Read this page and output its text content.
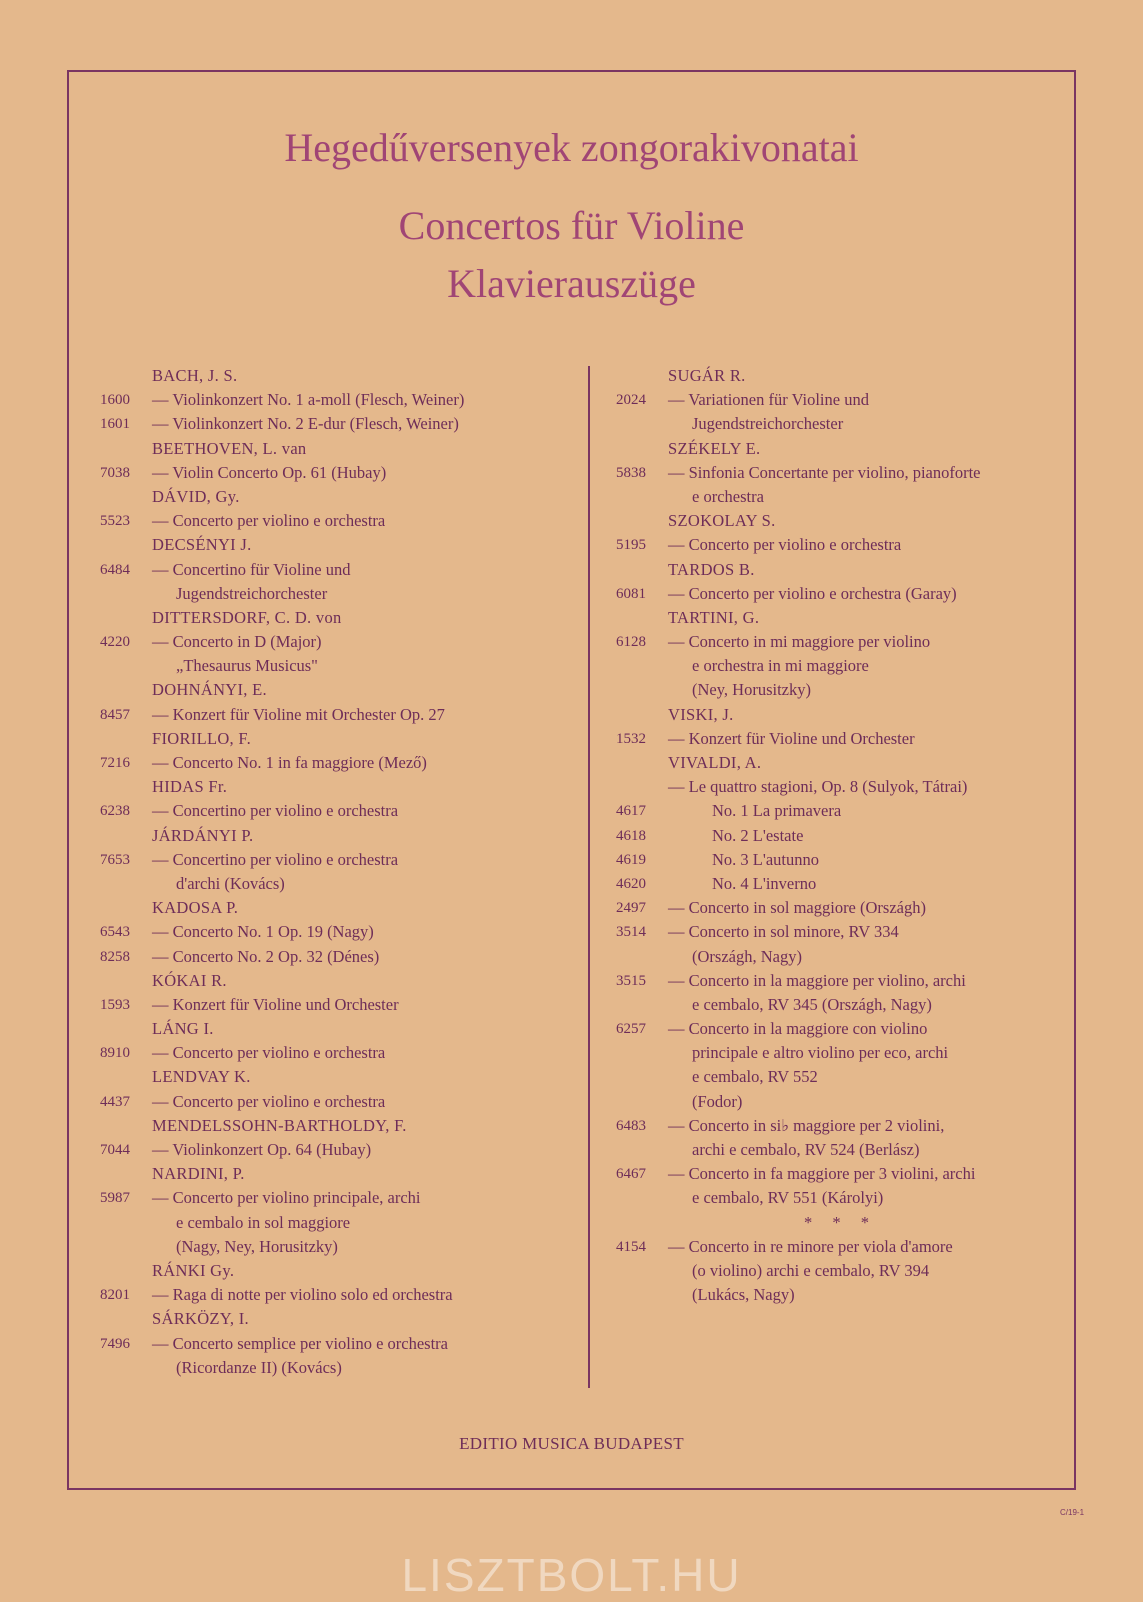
Hegedűversenyek zongorakivonatai
Concertos für Violine
Klavierauszüge
BACH, J. S.
1600 — Violinkonzert No. 1 a-moll (Flesch, Weiner)
1601 — Violinkonzert No. 2 E-dur (Flesch, Weiner)
BEETHOVEN, L. van
7038 — Violin Concerto Op. 61 (Hubay)
DÁVID, Gy.
5523 — Concerto per violino e orchestra
DECSÉNYI J.
6484 — Concertino für Violine und
Jugendstreichorchester
DITTERSDORF, C. D. von
4220 — Concerto in D (Major)
„Thesaurus Musicus"
DOHNÁNYI, E.
8457 — Konzert für Violine mit Orchester Op. 27
FIORILLO, F.
7216 — Concerto No. 1 in fa maggiore (Mező)
HIDAS Fr.
6238 — Concertino per violino e orchestra
JÁRDÁNYI P.
7653 — Concertino per violino e orchestra
d'archi (Kovács)
KADOSA P.
6543 — Concerto No. 1 Op. 19 (Nagy)
8258 — Concerto No. 2 Op. 32 (Dénes)
KÓKAI R.
1593 — Konzert für Violine und Orchester
LÁNG I.
8910 — Concerto per violino e orchestra
LENDVAY K.
4437 — Concerto per violino e orchestra
MENDELSSOHN-BARTHOLDY, F.
7044 — Violinkonzert Op. 64 (Hubay)
NARDINI, P.
5987 — Concerto per violino principale, archi
e cembalo in sol maggiore
(Nagy, Ney, Horusitzky)
RÁNKI Gy.
8201 — Raga di notte per violino solo ed orchestra
SÁRKÖZY, I.
7496 — Concerto semplice per violino e orchestra
(Ricordanze II) (Kovács)
SUGÁR R.
2024 — Variationen für Violine und
Jugendstreichorchester
SZÉKELY E.
5838 — Sinfonia Concertante per violino, pianoforte
e orchestra
SZOKOLAY S.
5195 — Concerto per violino e orchestra
TARDOS B.
6081 — Concerto per violino e orchestra (Garay)
TARTINI, G.
6128 — Concerto in mi maggiore per violino
e orchestra in mi maggiore
(Ney, Horusitzky)
VISKI, J.
1532 — Konzert für Violine und Orchester
VIVALDI, A.
— Le quattro stagioni, Op. 8 (Sulyok, Tátrai)
4617	No. 1 La primavera
4618	No. 2 L'estate
4619	No. 3 L'autunno
4620	No. 4 L'inverno
2497 — Concerto in sol maggiore (Országh)
3514 — Concerto in sol minore, RV 334
(Országh, Nagy)
3515 — Concerto in la maggiore per violino, archi
e cembalo, RV 345 (Országh, Nagy)
6257 — Concerto in la maggiore con violino
principale e altro violino per eco, archi
e cembalo, RV 552
(Fodor)
6483 — Concerto in si♭ maggiore per 2 violini,
archi e cembalo, RV 524 (Berlász)
6467 — Concerto in fa maggiore per 3 violini, archi
e cembalo, RV 551 (Károlyi)
* * *
4154 — Concerto in re minore per viola d'amore
(o violino) archi e cembalo, RV 394
(Lukács, Nagy)
EDITIO MUSICA BUDAPEST
C/19-1
LISZTBOLT.HU
